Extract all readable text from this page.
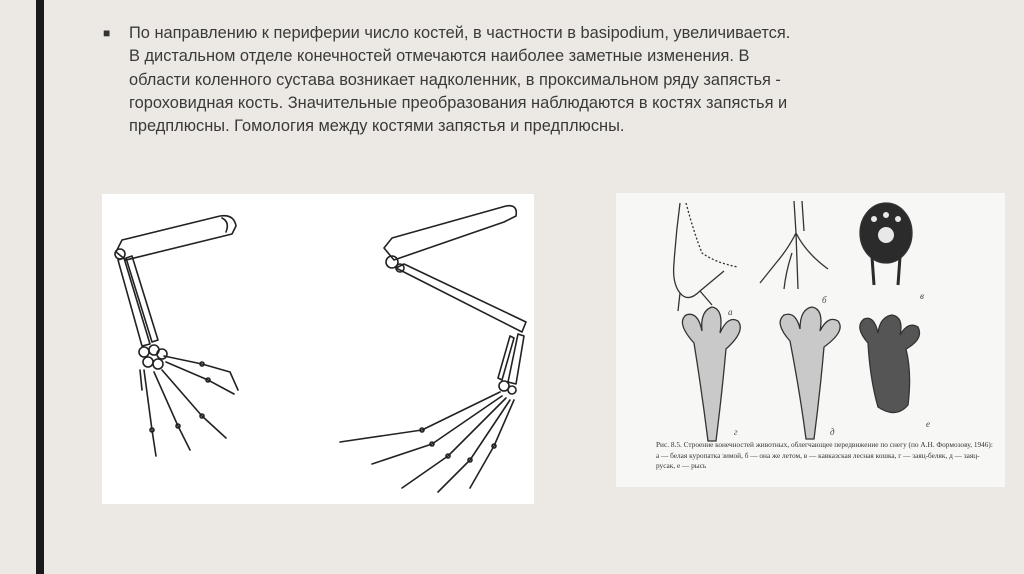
■ По направлению к периферии число костей, в частности в basipodium, увеличивается. В дистальном отделе конечностей отмечаются наиболее заметные изменения. В области коленного сустава возникает надколенник, в проксимальном ряду запястья - гороховидная кость. Значительные преобразования наблюдаются в костях запястья и предплюсны. Гомология между костями запястья и предплюсны.
а
б	в
г	д
е
Рис. 8.5. Строение конечностей животных, облегчающее передвижение по снегу (по А.Н. Формозову, 1946):
а — белая куропатка зимой, б — она же летом, в — кавказская лесная кошка, г — заяц-беляк, д — заяц-русак, е — рысь
